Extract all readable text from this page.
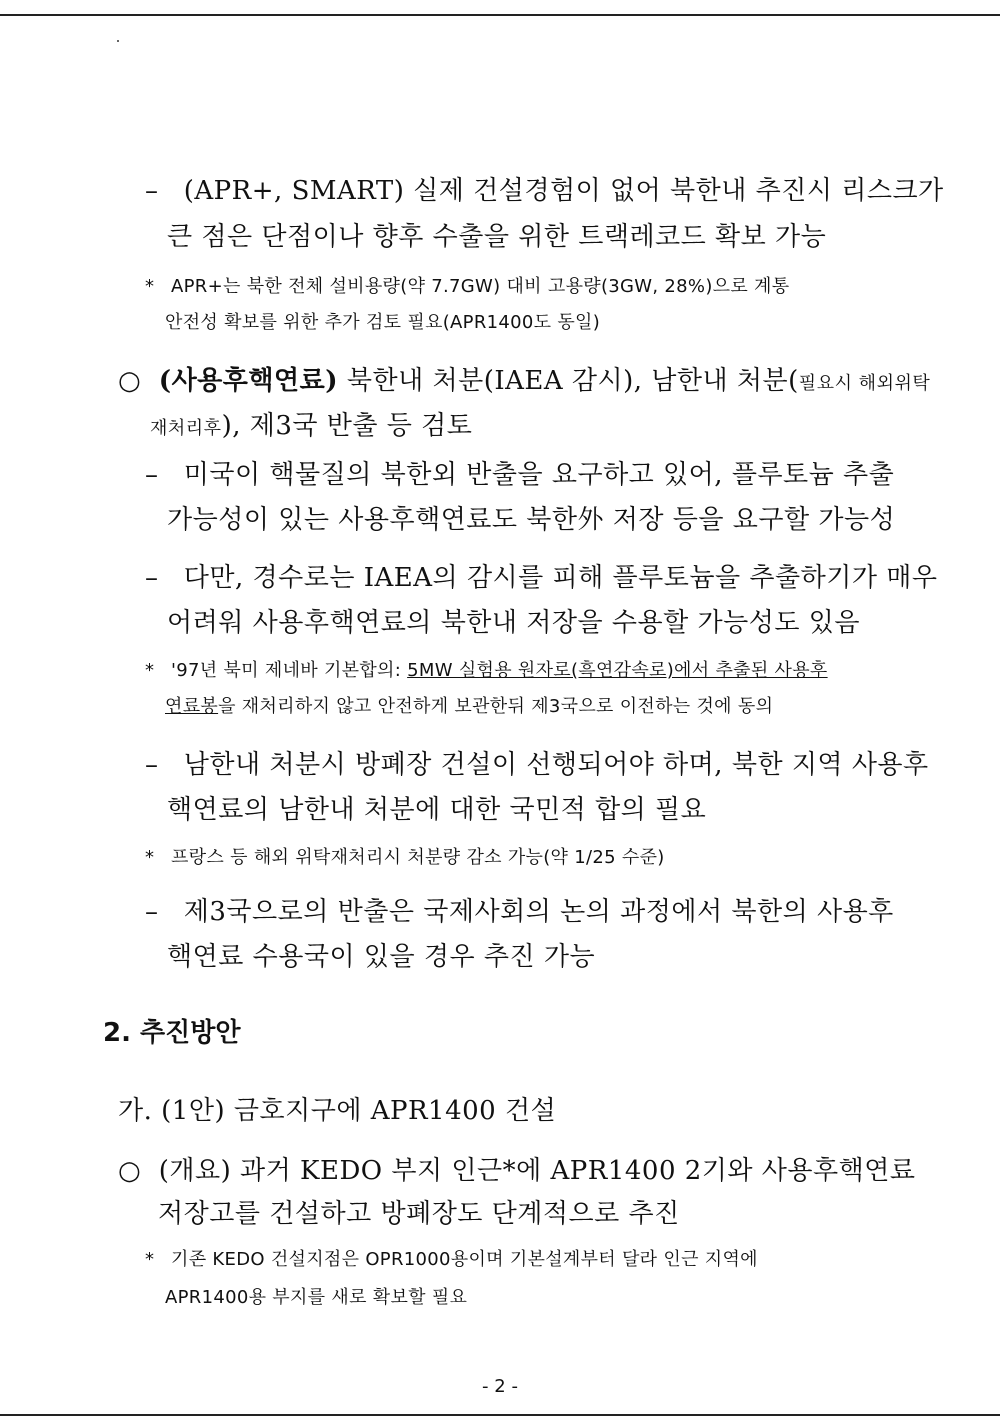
– (APR+, SMART) 실제 건설경험이 없어 북한내 추진시 리스크가
큰 점은 단점이나 향후 수출을 위한 트랙레코드 확보 가능
* APR+는 북한 전체 설비용량(약 7.7GW) 대비 고용량(3GW, 28%)으로 계통
안전성 확보를 위한 추가 검토 필요(APR1400도 동일)
○ (사용후핵연료) 북한내 처분(IAEA 감시), 남한내 처분(필요시 해외위탁
재처리후), 제3국 반출 등 검토
– 미국이 핵물질의 북한외 반출을 요구하고 있어, 플루토늄 추출
가능성이 있는 사용후핵연료도 북한外 저장 등을 요구할 가능성
– 다만, 경수로는 IAEA의 감시를 피해 플루토늄을 추출하기가 매우
어려워 사용후핵연료의 북한내 저장을 수용할 가능성도 있음
* '97년 북미 제네바 기본합의: 5MW 실험용 원자로(흑연감속로)에서 추출된 사용후
연료봉을 재처리하지 않고 안전하게 보관한뒤 제3국으로 이전하는 것에 동의
– 남한내 처분시 방폐장 건설이 선행되어야 하며, 북한 지역 사용후
핵연료의 남한내 처분에 대한 국민적 합의 필요
* 프랑스 등 해외 위탁재처리시 처분량 감소 가능(약 1/25 수준)
– 제3국으로의 반출은 국제사회의 논의 과정에서 북한의 사용후
핵연료 수용국이 있을 경우 추진 가능
2. 추진방안
가. (1안) 금호지구에 APR1400 건설
○ (개요) 과거 KEDO 부지 인근*에 APR1400 2기와 사용후핵연료
저장고를 건설하고 방폐장도 단계적으로 추진
* 기존 KEDO 건설지점은 OPR1000용이며 기본설계부터 달라 인근 지역에
APR1400용 부지를 새로 확보할 필요
- 2 -
